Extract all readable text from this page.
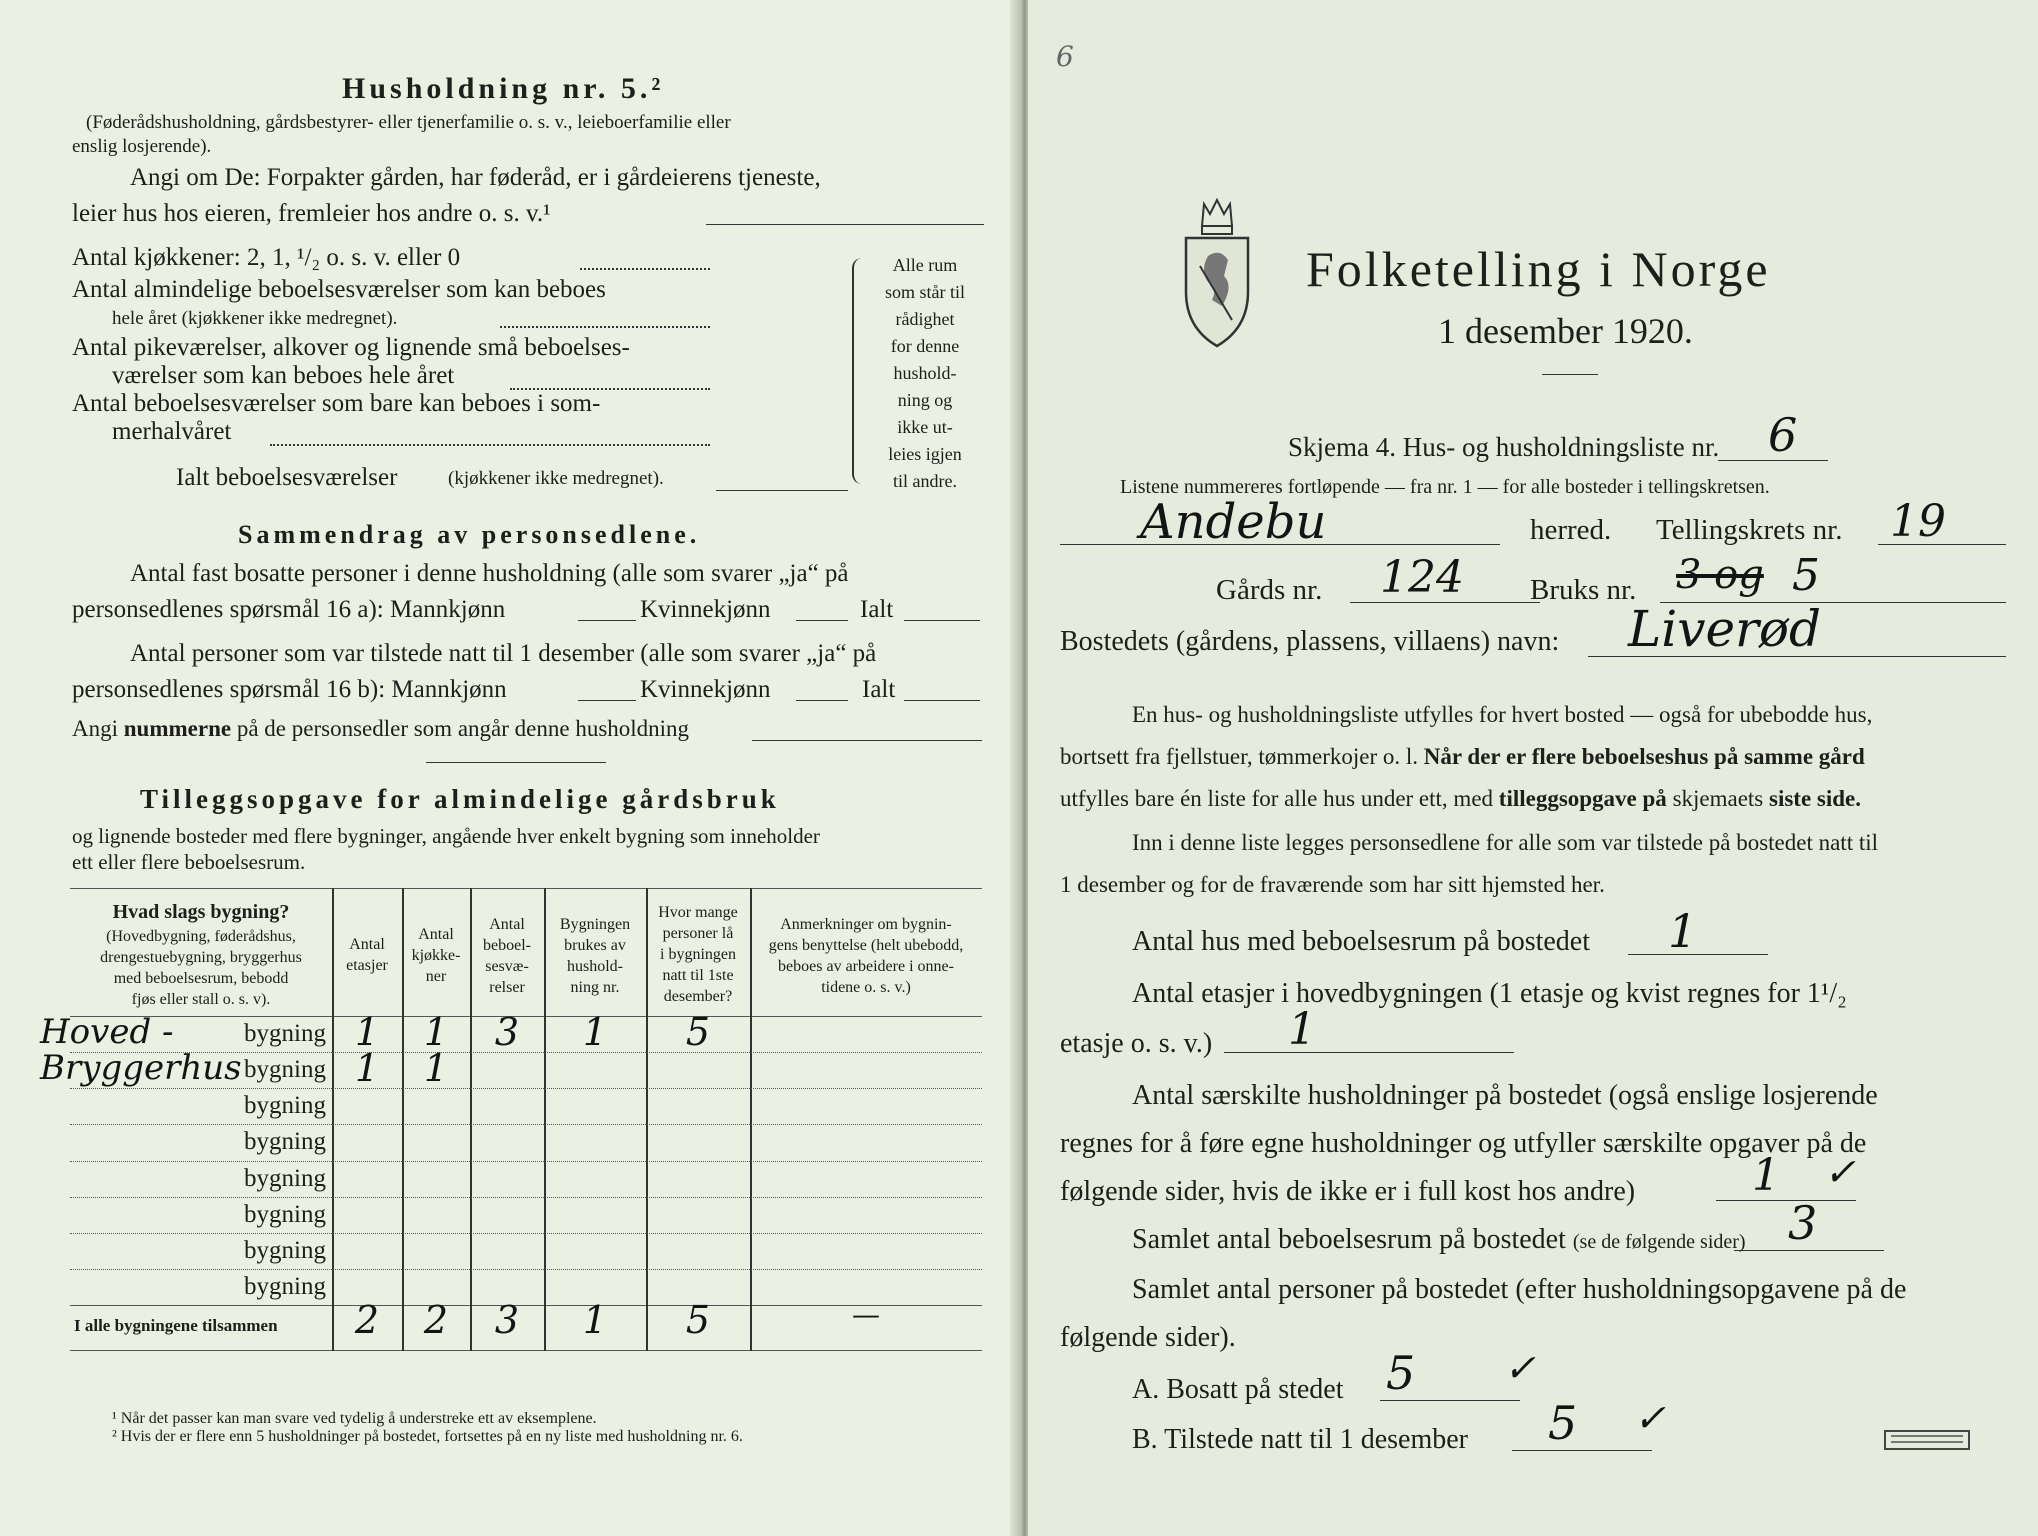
Husholdning nr. 5.²
(Føderådshusholdning, gårdsbestyrer- eller tjenerfamilie o. s. v., leieboerfamilie eller
enslig losjerende).
Angi om De: Forpakter gården, har føderåd, er i gårdeierens tjeneste,
leier hus hos eieren, fremleier hos andre o. s. v.¹
Antal kjøkkener: 2, 1, ¹/₂ o. s. v. eller 0
Antal almindelige beboelsesværelser som kan beboes
hele året (kjøkkener ikke medregnet).
Antal pikeværelser, alkover og lignende små beboelses-
værelser som kan beboes hele året
Antal beboelsesværelser som bare kan beboes i som-
merhalvåret
Ialt beboelsesværelser	(kjøkkener ikke medregnet).
Alle rum
som står til
rådighet
for denne
hushold-
ning og
ikke ut-
leies igjen
til andre.
Sammendrag av personsedlene.
Antal fast bosatte personer i denne husholdning (alle som svarer „ja“ på
personsedlenes spørsmål 16 a): Mannkjønn	Kvinnekjønn	Ialt
Antal personer som var tilstede natt til 1 desember (alle som svarer „ja“ på
personsedlenes spørsmål 16 b): Mannkjønn	Kvinnekjønn	Ialt
Angi nummerne på de personsedler som angår denne husholdning
Tilleggsopgave for almindelige gårdsbruk
og lignende bosteder med flere bygninger, angående hver enkelt bygning som inneholder
ett eller flere beboelsesrum.
Hvad slags bygning?
(Hovedbygning, føderådshus,
drengestuebygning, bryggerhus
med beboelsesrum, bebodd
fjøs eller stall o. s. v).
Antal
etasjer
Antal
kjøkke-
ner
Antal
beboel-
sesvæ-
relser
Bygningen
brukes av
hushold-
ning nr.
Hvor mange
personer lå
i bygningen
natt til 1ste
desember?
Anmerkninger om bygnin-
gens benyttelse (helt ubebodd,
beboes av arbeidere i onne-
tidene o. s. v.)
Hoved -	bygning 1	1	3	1	5
Bryggerhus bygning 1	1
bygning
bygning
bygning
bygning
bygning
bygning
I alle bygningene tilsammen	2	2	3	1	5	—
¹ Når det passer kan man svare ved tydelig å understreke ett av eksemplene.
² Hvis der er flere enn 5 husholdninger på bostedet, fortsettes på en ny liste med husholdning nr. 6.
6
Folketelling i Norge
1 desember 1920.
Skjema 4. Hus- og husholdningsliste nr. 6
Listene nummereres fortløpende — fra nr. 1 — for alle bosteder i tellingskretsen.
Andebu	herred. Tellingskrets nr. 19
Gårds nr. 124 Bruks nr. 3 og 5
Bostedets (gårdens, plassens, villaens) navn: Liverød
En hus- og husholdningsliste utfylles for hvert bosted — også for ubebodde hus,
bortsett fra fjellstuer, tømmerkojer o. l. Når der er flere beboelseshus på samme gård
utfylles bare én liste for alle hus under ett, med tilleggsopgave på skjemaets siste side.
Inn i denne liste legges personsedlene for alle som var tilstede på bostedet natt til
1 desember og for de fraværende som har sitt hjemsted her.
Antal hus med beboelsesrum på bostedet 1
Antal etasjer i hovedbygningen (1 etasje og kvist regnes for 1¹/₂
etasje o. s. v.) 1
Antal særskilte husholdninger på bostedet (også enslige losjerende
regnes for å føre egne husholdninger og utfyller særskilte opgaver på de
følgende sider, hvis de ikke er i full kost hos andre)	1 ✓
Samlet antal beboelsesrum på bostedet (se de følgende sider) 3
Samlet antal personer på bostedet (efter husholdningsopgavene på de
følgende sider).
A. Bosatt på stedet 5 ✓
B. Tilstede natt til 1 desember 5 ✓
